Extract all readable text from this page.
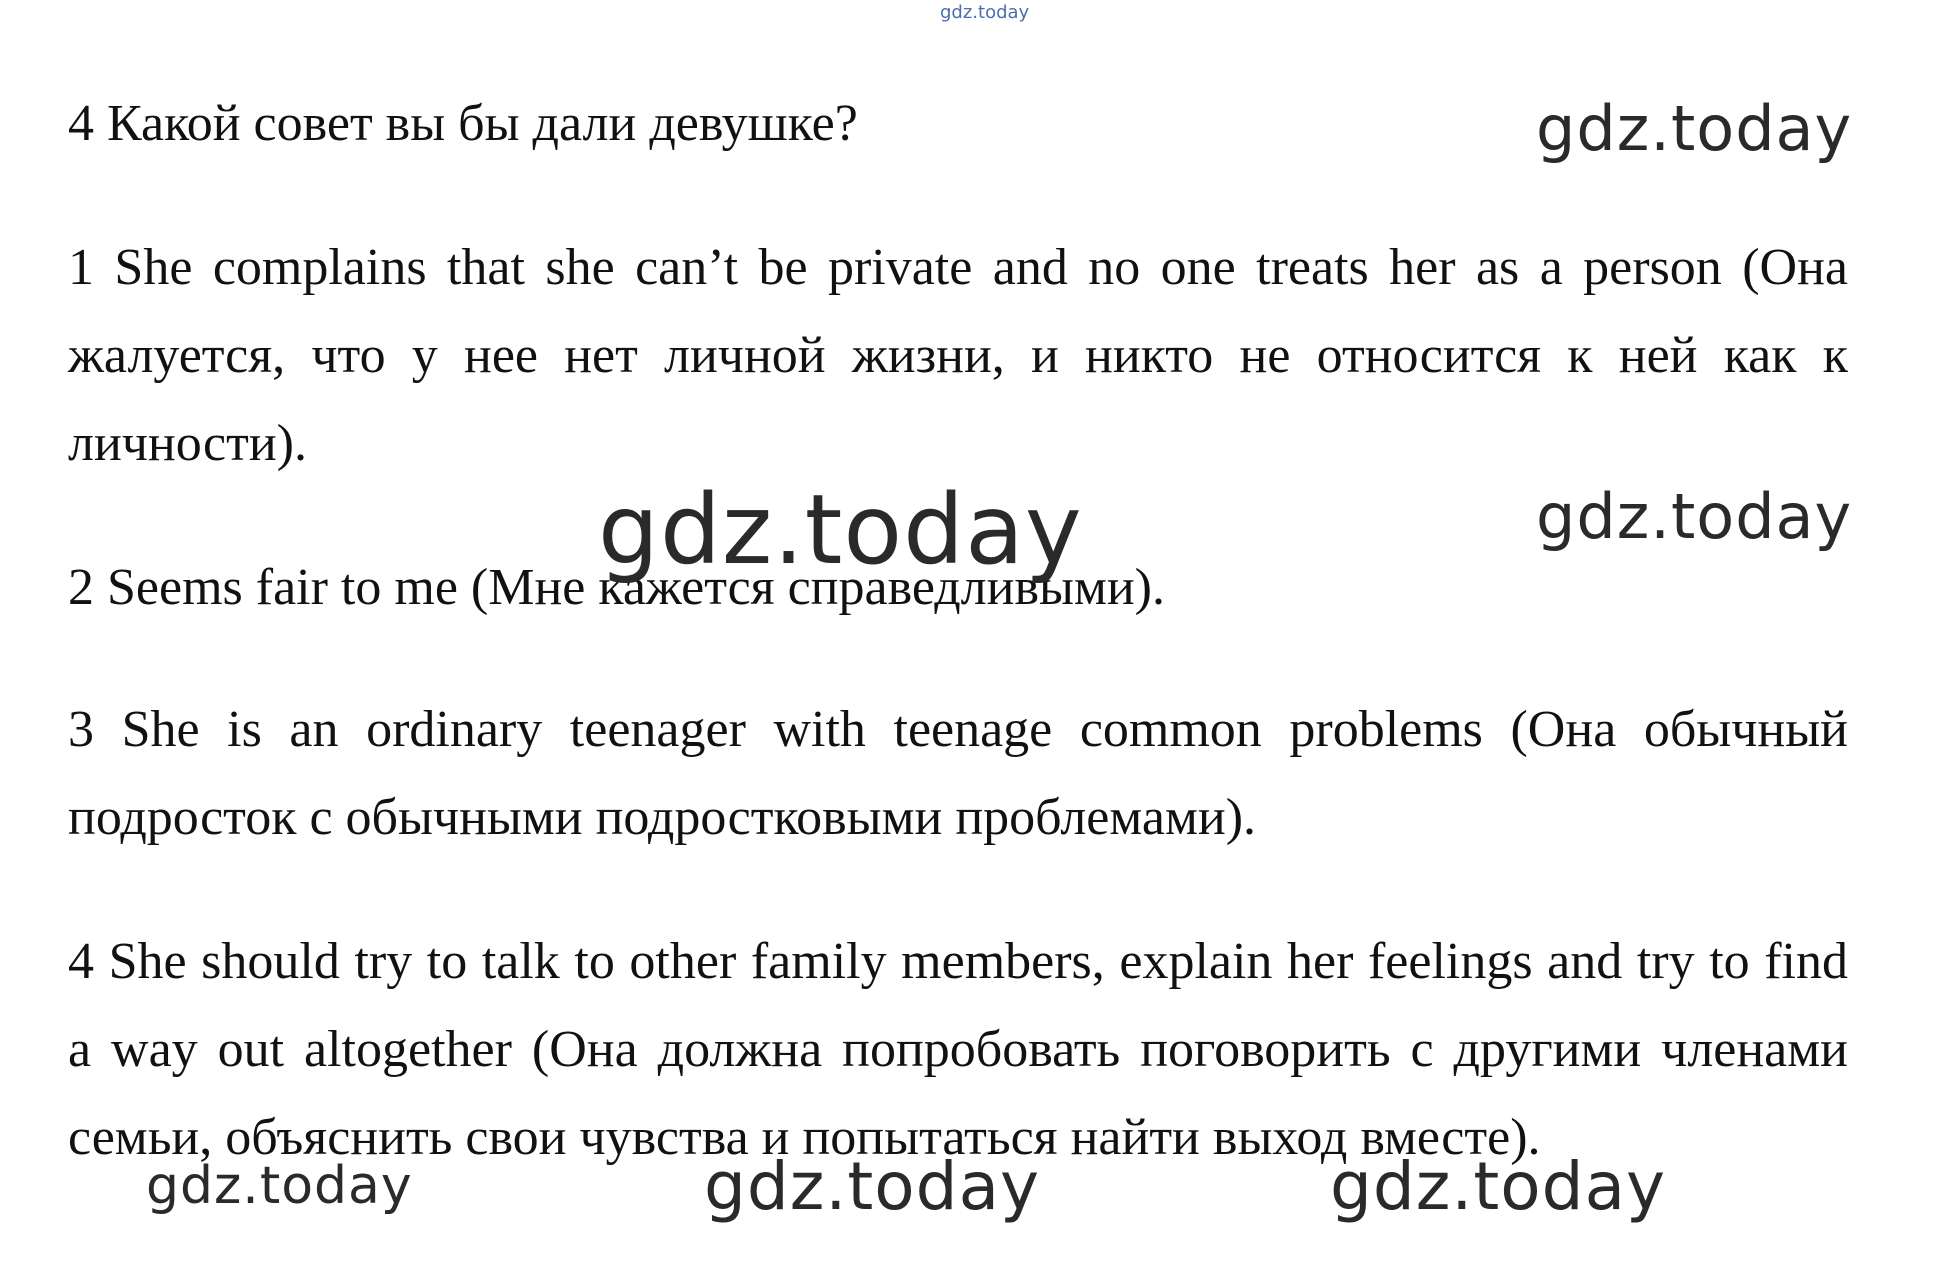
gdz.today

4 Какой совет вы бы дали девушке?

1 She complains that she can’t be private and no one treats her as a person (Она жалуется, что у нее нет личной жизни, и никто не относится к ней как к личности).

2 Seems fair to me (Мне кажется справедливыми).

3 She is an ordinary teenager with teenage common problems (Она обычный подросток с обычными подростковыми проблемами).

4 She should try to talk to other family members, explain her feelings and try to find a way out altogether (Она должна попробовать поговорить с другими членами семьи, объяснить свои чувства и попытаться найти выход вместе).

gdz.today
gdz.today
gdz.today
gdz.today	gdz.today	gdz.today
